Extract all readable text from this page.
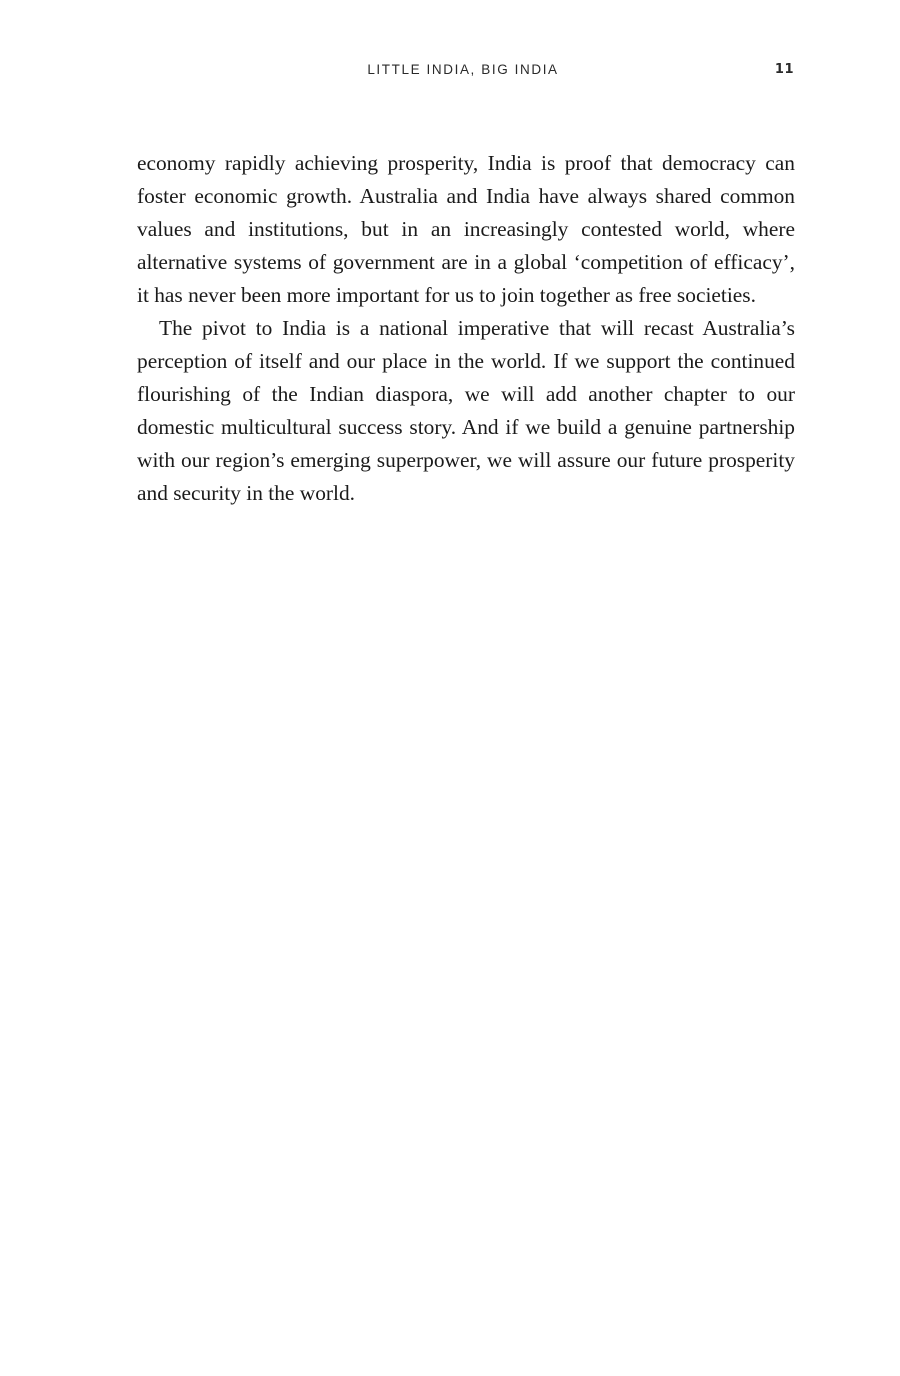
LITTLE INDIA, BIG INDIA	11

economy rapidly achieving prosperity, India is proof that democracy can foster economic growth. Australia and India have always shared common values and institutions, but in an increasingly contested world, where alternative systems of government are in a global ‘competition of efficacy’, it has never been more important for us to join together as free societies.

The pivot to India is a national imperative that will recast Australia’s perception of itself and our place in the world. If we support the continued flourishing of the Indian diaspora, we will add another chapter to our domestic multicultural success story. And if we build a genuine partnership with our region’s emerging superpower, we will assure our future prosperity and security in the world.
